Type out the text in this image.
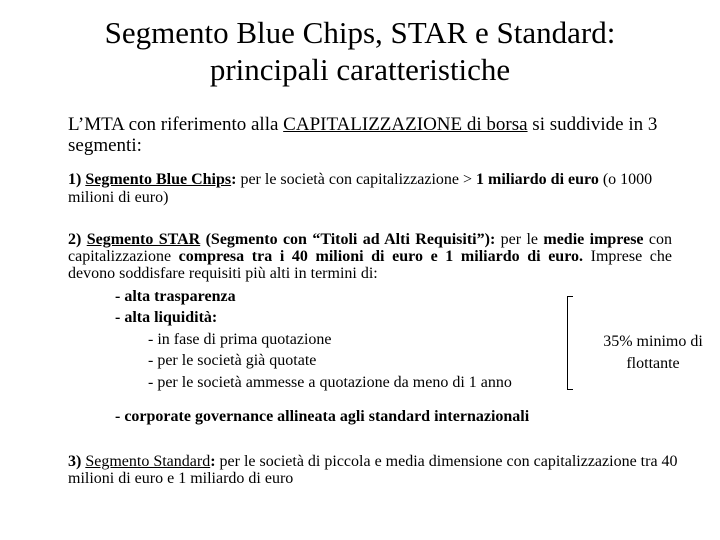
Segmento Blue Chips, STAR e Standard:
principali caratteristiche
L’MTA con riferimento alla CAPITALIZZAZIONE di borsa si suddivide in 3 segmenti:
1) Segmento Blue Chips: per le società con capitalizzazione > 1 miliardo di euro (o 1000 milioni di euro)
2) Segmento STAR (Segmento con “Titoli ad Alti Requisiti”): per le medie imprese con capitalizzazione compresa tra i 40 milioni di euro e 1 miliardo di euro. Imprese che devono soddisfare requisiti più alti in termini di:
- alta trasparenza
- alta liquidità:
- in fase di prima quotazione
- per le società già quotate
- per le società ammesse a quotazione da meno di 1 anno
35% minimo di flottante
- corporate governance allineata agli standard internazionali
3) Segmento Standard: per le società di piccola e media dimensione con capitalizzazione tra 40 milioni di euro e 1 miliardo di euro
